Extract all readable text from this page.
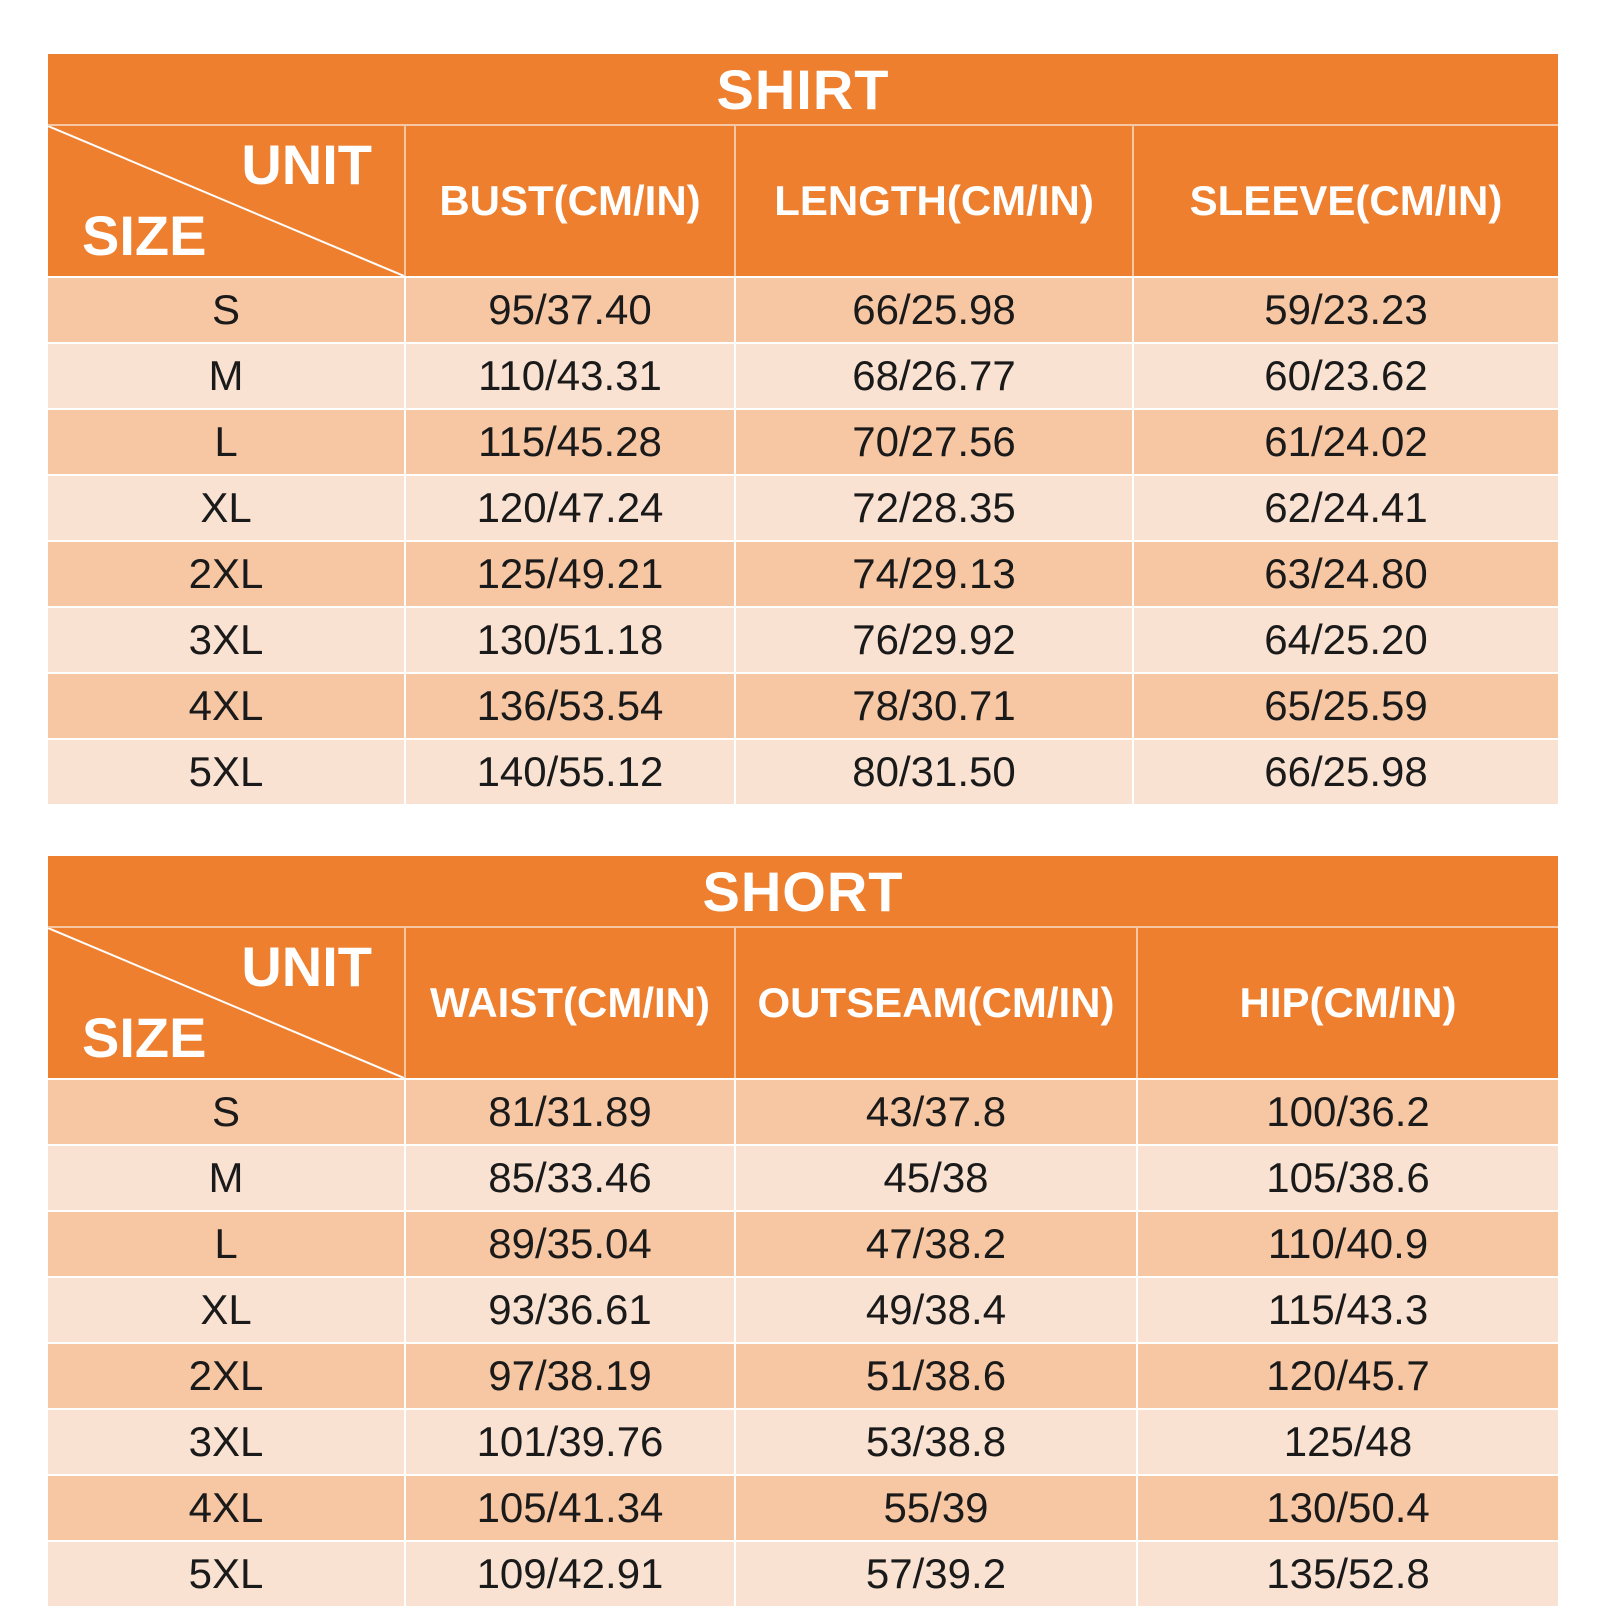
SHIRT
UNIT
SIZE
BUST(CM/IN)	LENGTH(CM/IN)	SLEEVE(CM/IN)
S	95/37.40	66/25.98	59/23.23
M	110/43.31	68/26.77	60/23.62
L	115/45.28	70/27.56	61/24.02
XL	120/47.24	72/28.35	62/24.41
2XL	125/49.21	74/29.13	63/24.80
3XL	130/51.18	76/29.92	64/25.20
4XL	136/53.54	78/30.71	65/25.59
5XL	140/55.12	80/31.50	66/25.98
SHORT
UNIT
SIZE
WAIST(CM/IN)	OUTSEAM(CM/IN)	HIP(CM/IN)
S	81/31.89	43/37.8	100/36.2
M	85/33.46	45/38	105/38.6
L	89/35.04	47/38.2	110/40.9
XL	93/36.61	49/38.4	115/43.3
2XL	97/38.19	51/38.6	120/45.7
3XL	101/39.76	53/38.8	125/48
4XL	105/41.34	55/39	130/50.4
5XL	109/42.91	57/39.2	135/52.8
